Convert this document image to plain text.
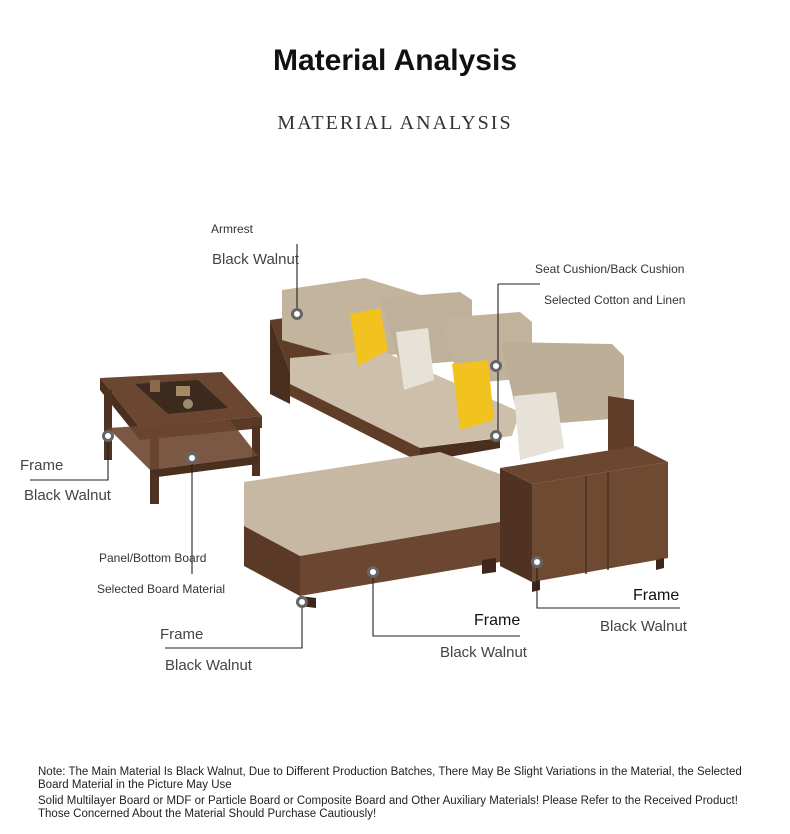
Material Analysis
MATERIAL ANALYSIS
Armrest
Black Walnut
Seat Cushion/Back Cushion
Selected Cotton and Linen
Frame
Black Walnut
Panel/Bottom Board
Selected Board Material
Frame
Black Walnut
Frame
Black Walnut
Frame
Black Walnut
Note: The Main Material Is Black Walnut, Due to Different Production Batches, There May Be Slight Variations in the Material, the Selected Board Material in the Picture May Use
Solid Multilayer Board or MDF or Particle Board or Composite Board and Other Auxiliary Materials! Please Refer to the Received Product! Those Concerned About the Material Should Purchase Cautiously!
